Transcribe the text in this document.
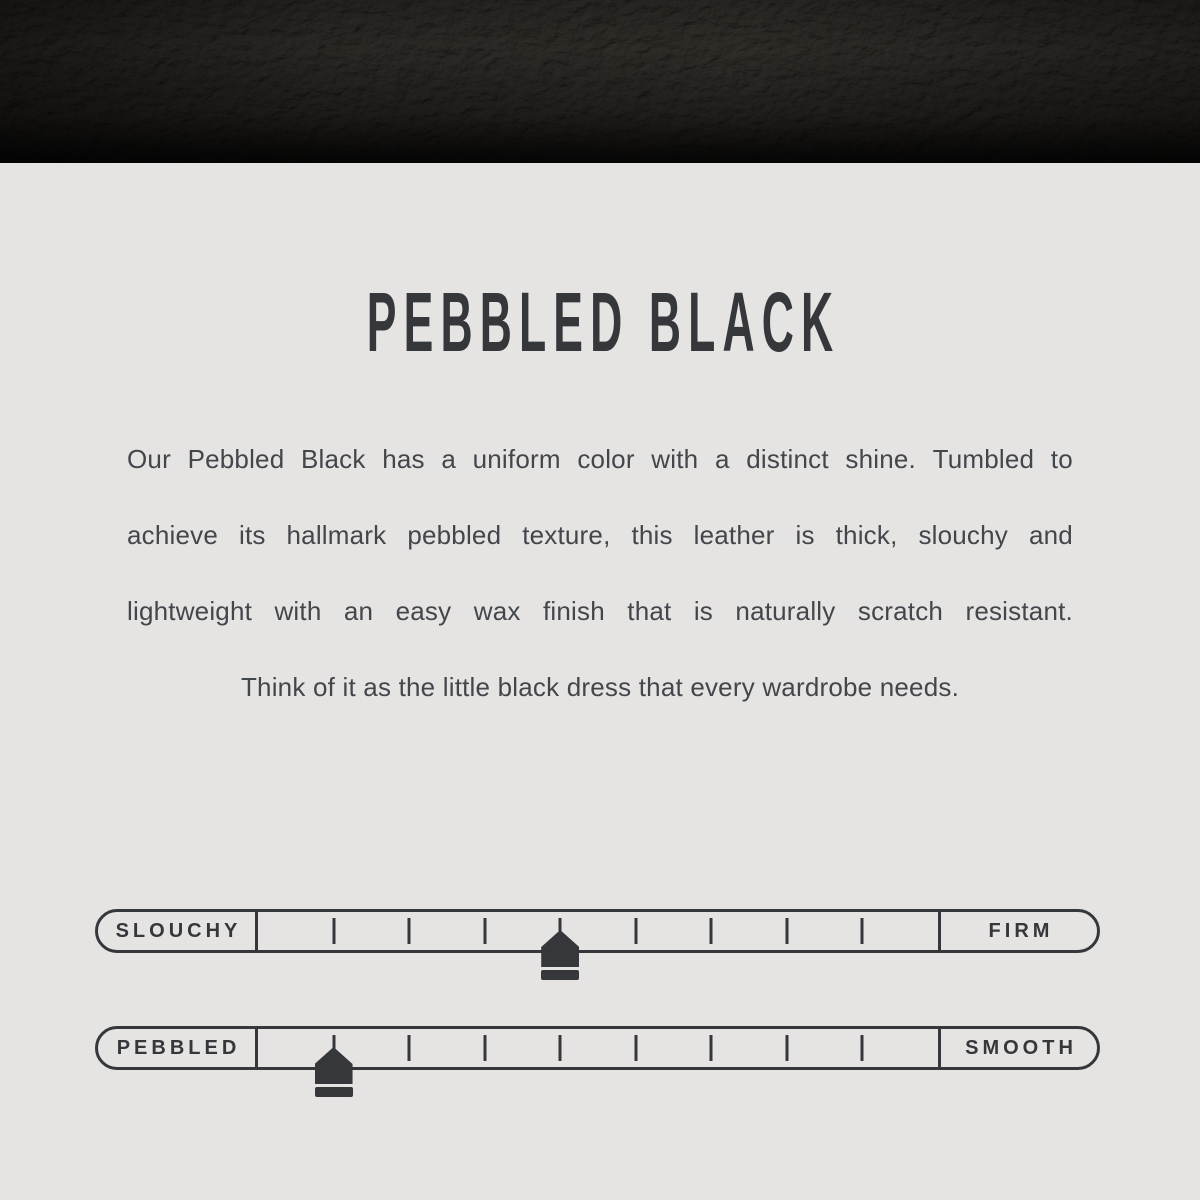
PEBBLED BLACK
Our Pebbled Black has a uniform color with a distinct shine. Tumbled to
achieve its hallmark pebbled texture, this leather is thick, slouchy and
lightweight with an easy wax finish that is naturally scratch resistant.
Think of it as the little black dress that every wardrobe needs.
SLOUCHY	FIRM
PEBBLED	SMOOTH
